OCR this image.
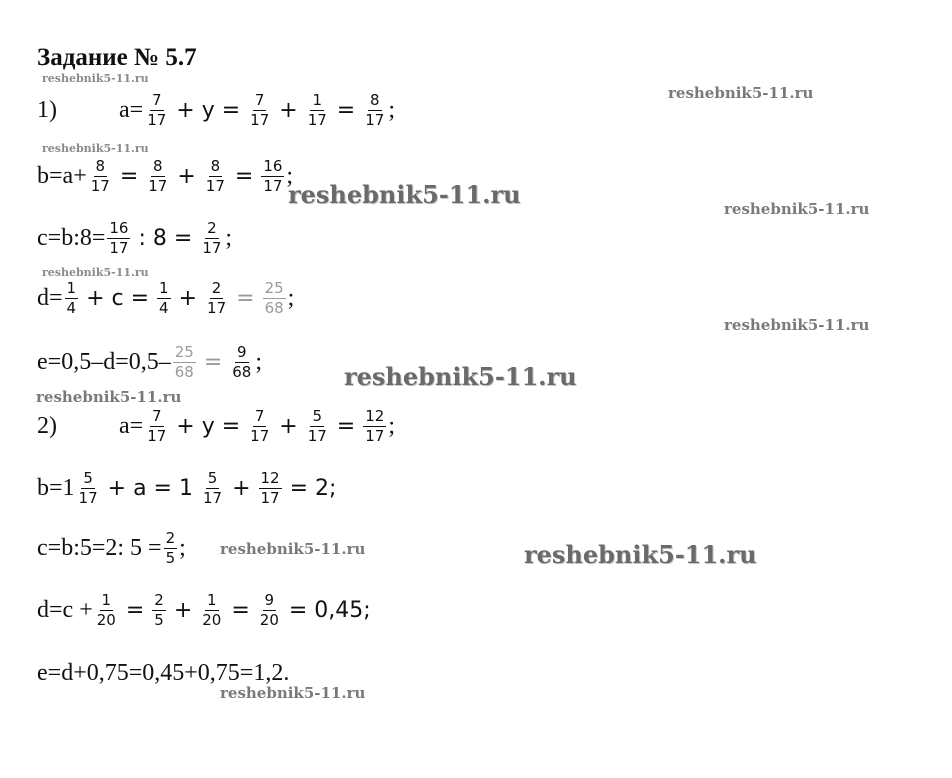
Задание № 5.7
1)	$a= \frac{7}{17} + y = \frac{7}{17} + \frac{1}{17} = \frac{8}{17}$ ;
$b=a+ \frac{8}{17} = \frac{8}{17} + \frac{8}{17} = \frac{16}{17}$ ;
c=b:8= $\frac{16}{17}$ : $8 = \frac{2}{17}$ ;
$d= \frac{1}{4} + c = \frac{1}{4} + \frac{2}{17} = \frac{25}{68}$ ;
$e=0,5-d=0,5- \frac{25}{68} = \frac{9}{68}$ ;
2)	$a= \frac{7}{17} + y = \frac{7}{17} + \frac{5}{17} = \frac{12}{17}$ ;
$b=1 \frac{5}{17} + a = 1 \frac{5}{17} + \frac{12}{17} = 2$;
c=b:5=2: $5 = \frac{2}{5}$ ;
$d=c + \frac{1}{20} = \frac{2}{5} + \frac{1}{20} = \frac{9}{20} = 0,45$;
e=d+0,75=0,45+0,75=1,2.
reshebnik5-11.ru
reshebnik5-11.ru
reshebnik5-11.ru
reshebnik5-11.ru	reshebnik5-11.ru
reshebnik5-11.ru
reshebnik5-11.ru
reshebnik5-11.ru
reshebnik5-11.ru
reshebnik5-11.ru	reshebnik5-11.ru
reshebnik5-11.ru
